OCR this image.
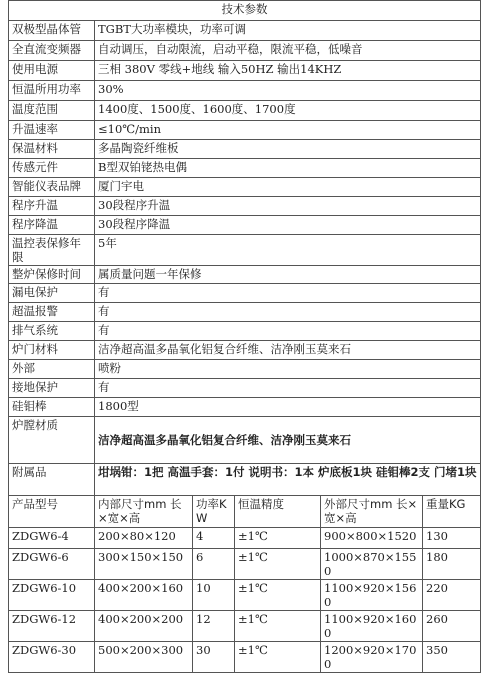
技术参数					
双极型晶体管	TGBT大功率模块，功率可调				
全直流变频器	自动调压，自动限流，启动平稳，限流平稳，低噪音				
使用电源	三相 380V 零线+地线 输入50HZ 输出14KHZ				
恒温所用功率	30%				
温度范围	1400度、1500度、1600度、1700度				
升温速率	≤10℃/min				
保温材料	多晶陶瓷纤维板				
传感元件	B型双铂铑热电偶				
智能仪表品牌	厦门宇电				
程序升温	30段程序升温				
程序降温	30段程序降温				
温控表保修年限	5年				
整炉保修时间	属质量问题一年保修				
漏电保护	有				
超温报警	有				
排气系统	有				
炉门材料	洁净超高温多晶氧化铝复合纤维、洁净刚玉莫来石				
外部	喷粉				
接地保护	有				
硅钼棒	1800型				
炉膛材质	洁净超高温多晶氧化铝复合纤维、洁净刚玉莫来石				
附属品	坩埚钳：1把 高温手套：1付 说明书：1本 炉底板1块 硅钼棒2支 门堵1块				
产品型号	内部尺寸mm 长×宽×高	功率KW	恒温精度	外部尺寸mm 长×宽×高	重量KG
ZDGW6-4	200×80×120	4	±1℃	900×800×1520	130
ZDGW6-6	300×150×150	6	±1℃	1000×870×1550	180
ZDGW6-10	400×200×160	10	±1℃	1100×920×1560	220
ZDGW6-12	400×200×200	12	±1℃	1100×920×1600	260
ZDGW6-30	500×200×300	30	±1℃	1200×920×1700	350
